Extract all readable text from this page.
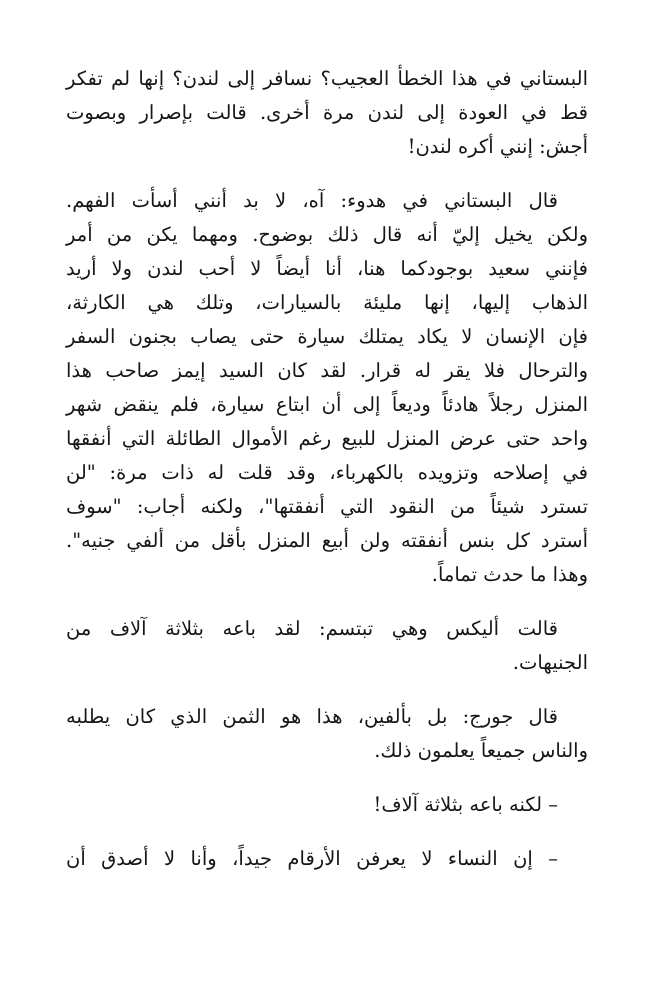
البستاني في هذا الخطأ العجيب؟ نسافر إلى لندن؟ إنها لم تفكر
قط في العودة إلى لندن مرة أخرى. قالت بإصرار وبصوت
أجش: إنني أكره لندن!
قال البستاني في هدوء: آه، لا بد أنني أسأت الفهم.
ولكن يخيل إليّ أنه قال ذلك بوضوح. ومهما يكن من أمر
فإنني سعيد بوجودكما هنا، أنا أيضاً لا أحب لندن ولا أريد
الذهاب إليها، إنها مليئة بالسيارات، وتلك هي الكارثة،
فإن الإنسان لا يكاد يمتلك سيارة حتى يصاب بجنون السفر
والترحال فلا يقر له قرار. لقد كان السيد إيمز صاحب هذا
المنزل رجلاً هادئاً وديعاً إلى أن ابتاع سيارة، فلم ينقض شهر
واحد حتى عرض المنزل للبيع رغم الأموال الطائلة التي أنفقها
في إصلاحه وتزويده بالكهرباء، وقد قلت له ذات مرة: "لن
تسترد شيئاً من النقود التي أنفقتها"، ولكنه أجاب: "سوف
أسترد كل بنس أنفقته ولن أبيع المنزل بأقل من ألفي جنيه".
وهذا ما حدث تماماً.
قالت أليكس وهي تبتسم: لقد باعه بثلاثة آلاف من
الجنيهات.
قال جورج: بل بألفين، هذا هو الثمن الذي كان يطلبه
والناس جميعاً يعلمون ذلك.
– لكنه باعه بثلاثة آلاف!
– إن النساء لا يعرفن الأرقام جيداً، وأنا لا أصدق أن
